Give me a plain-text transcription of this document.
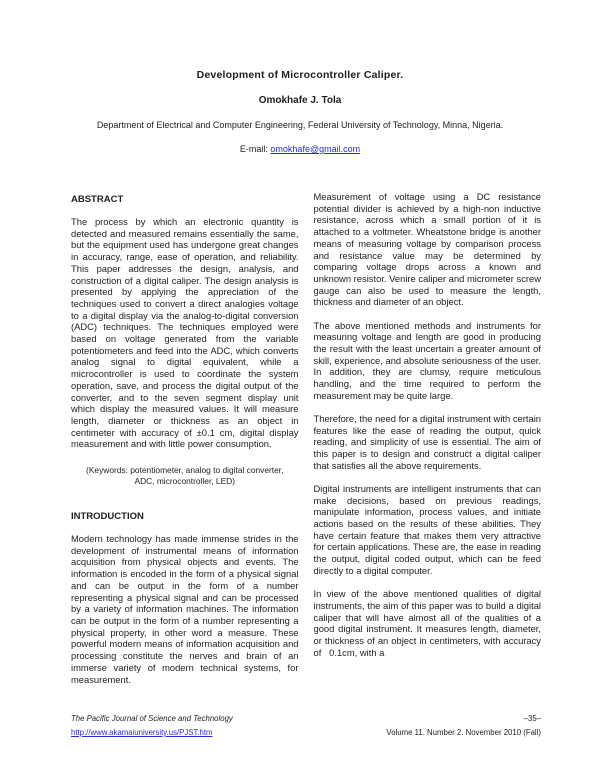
Development of Microcontroller Caliper.
Omokhafe J. Tola
Department of Electrical and Computer Engineering, Federal University of Technology, Minna, Nigeria.
E-mail: omokhafe@gmail.com
ABSTRACT

The process by which an electronic quantity is detected and measured remains essentially the same, but the equipment used has undergone great changes in accuracy, range, ease of operation, and reliability. This paper addresses the design, analysis, and construction of a digital caliper. The design analysis is presented by applying the appreciation of the techniques used to convert a direct analogies voltage to a digital display via the analog-to-digital conversion (ADC) techniques. The techniques employed were based on voltage generated from the variable potentiometers and feed into the ADC, which converts analog signal to digital equivalent, while a microcontroller is used to coordinate the system operation, save, and process the digital output of the converter, and to the seven segment display unit which display the measured values. It will measure length, diameter or thickness as an object in centimeter with accuracy of ±0.1 cm, digital display measurement and with little power consumption.

(Keywords: potentiometer, analog to digital converter, ADC, microcontroller, LED)

INTRODUCTION

Modern technology has made immense strides in the development of instrumental means of information acquisition from physical objects and events. The information is encoded in the form of a physical signal and can be output in the form of a number representing a physical signal and can be processed by a variety of information machines. The information can be output in the form of a number representing a physical property, in other word a measure. These powerful modern means of information acquisition and processing constitute the nerves and brain of an immerse variety of modern technical systems, for measurement.

Measurement of voltage using a DC resistance potential divider is achieved by a high-non inductive resistance, across which a small portion of it is attached to a voltmeter. Wheatstone bridge is another means of measuring voltage by comparison process and resistance value may be determined by comparing voltage drops across a known and unknown resistor. Venire caliper and micrometer screw gauge can also be used to measure the length, thickness and diameter of an object.

The above mentioned methods and instruments for measuring voltage and length are good in producing the result with the least uncertain a greater amount of skill, experience, and absolute seriousness of the user. In addition, they are clumsy, require meticulous handling, and the time required to perform the measurement may be quite large.

Therefore, the need for a digital instrument with certain features like the ease of reading the output, quick reading, and simplicity of use is essential. The aim of this paper is to design and construct a digital caliper that satisfies all the above requirements.

Digital instruments are intelligent instruments that can make decisions, based on previous readings, manipulate information, process values, and initiate actions based on the results of these abilities. They have certain feature that makes them very attractive for certain applications. These are, the ease in reading the output, digital coded output, which can be feed directly to a digital computer.

In view of the above mentioned qualities of digital instruments, the aim of this paper was to build a digital caliper that will have almost all of the qualities of a good digital instrument. It measures length, diameter, or thickness of an object in centimeters, with accuracy of   0.1cm, with a

The Pacific Journal of Science and Technology
http://www.akamaiuniversity.us/PJST.htm
–35–
Volume 11. Number 2. November 2010 (Fall)
